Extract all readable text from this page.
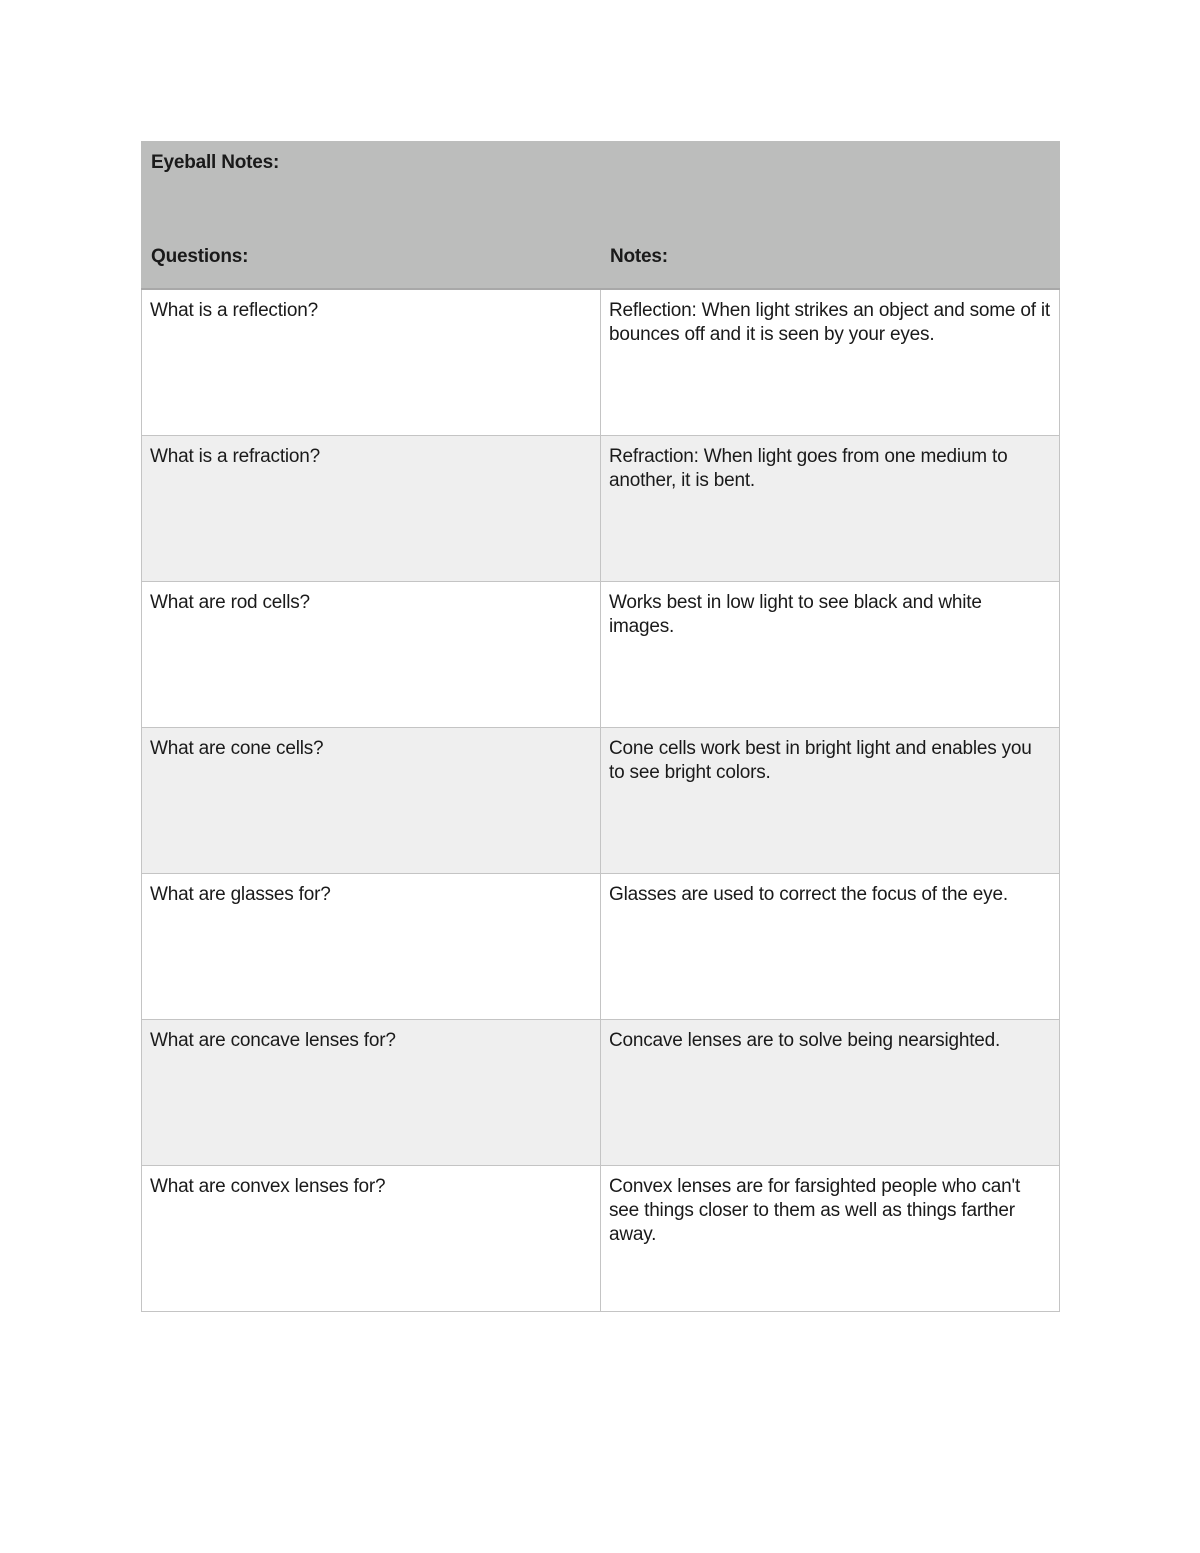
Eyeball Notes:
Questions:	Notes:

What is a reflection?	Reflection: When light strikes an object and some of it bounces off and it is seen by your eyes.
What is a refraction?	Refraction: When light goes from one medium to another, it is bent.
What are rod cells?	Works best in low light to see black and white images.
What are cone cells?	Cone cells work best in bright light and enables you to see bright colors.
What are glasses for?	Glasses are used to correct the focus of the eye.
What are concave lenses for?	Concave lenses are to solve being nearsighted.
What are convex lenses for?	Convex lenses are for farsighted people who can't see things closer to them as well as things farther away.
